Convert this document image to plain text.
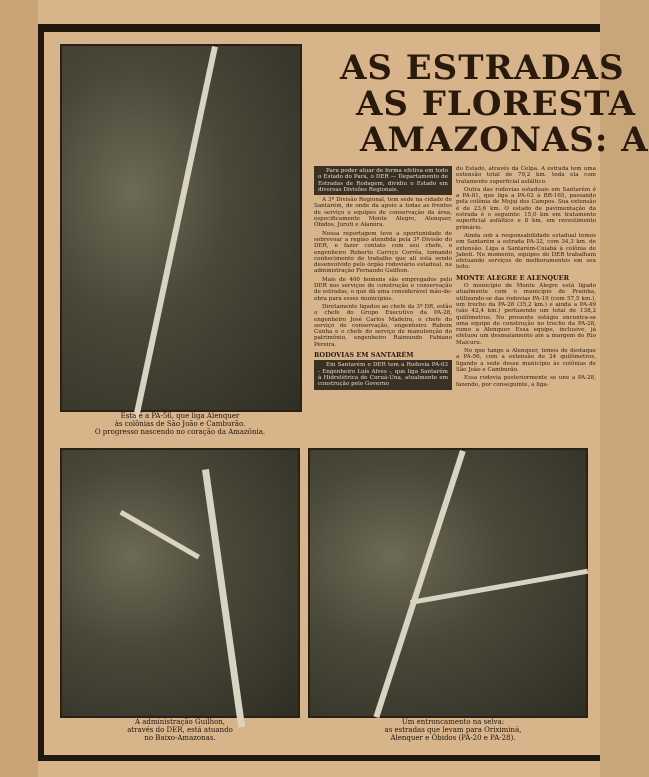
Esta é a PA-56, que liga Alenquer
às colônias de São João e Camburão.
O progresso nascendo no coração da Amazônia.
AS ESTRADAS
AS FLORESTA
AMAZONAS: A

Para poder atuar de forma efetiva em todo o Estado do Pará, o DER — Departamento de Estradas de Rodagem, dividiu o Estado em diversas Divisões Regionais.

A 3ª Divisão Regional, tem sede na cidade de Santarém, de onde da apoio a todas as frentes de serviço e equipes de conservação da área, especificamente Monte Alegre, Alenquer, Óbidos, Juruti e Alamira.

Nossa reportagem teve a oportunidade de sobrevoar a região atendida pela 3ª Divisão do DER, e fazer contato com seu chefe, o engenheiro Roberto Carriço Corrêa, tomando conhecimento do trabalho que ali está sendo desenvolvido pelo órgão rodoviário estadual, na administração Fernando Guilhon.

Mais de 400 homens são empregados pelo DER nos serviços de construção e conservação de estradas, o que dá uma considerável mão-de-obra para esses municípios.

Diretamente ligados ao chefe da 3ª DR, estão o chefe do Grupo Executivo da PA-28, engenheiro José Carlos Madeira, o chefe do serviço de conservação, engenheiro Rubem Cunha e o chefe do serviço de manutenção do patrimônio, engenheiro Raimundo Fabiano Pereira.

RODOVIAS EM SANTARÉM

Em Santarém o DER tem a Rodovia PA-03 - Engenheiro Luís Alves -, que liga Santarém à Hidrelétrica de Curuá-Una, atualmente em construção pelo Governo

do Estado, através da Celpa. A estrada tem uma extensão total de 79,2 km. toda ela com tratamento superficial asfáltico.

Outra das rodovias estaduais em Santarém é a PA-81, que liga a PA-02 à BR-165, passando pela colônia de Mojuí dos Campos. Sua extensão é de 23,6 km. O estado de pavimentação da estrada é o seguinte: 15,0 km em tratamento superficial asfáltico e 8 km. em revestimento primário.

Ainda sob a responsabilidade estadual temos em Santarém a estrada PA-32, com 34,3 km. de extensão. Liga a Santarém-Cuiabá à colônia de Jaboti. No momento, equipes do DER trabalham efetuando serviços de melhoramentos em seu leito.

MONTE ALEGRE E ALENQUER

O município de Monte Alegre está ligado atualmente com o município de Prainha, utilizando-se das rodovias PA-19 (com 57,5 km.), um trecho da PA-28 (35,2 km.) e ainda a PA-49 (são 42,4 km.) perfazendo um total de 138,2 quilômetros. No presente estágio encontra-se uma equipe de construção no trecho da PA-28, rumo a Alenquer. Essa equipe, inclusive, já efetuou um desmatamento até a margem do Rio Maicuru.

No que tange a Alenquer, temos de destaque a PA-56, com a extensão de 24 quilômetros, ligando a sede desse município às colônias de São João e Camburão.

Essa rodovia posteriormente se une a PA-28, fazendo, por conseguinte, a liga-

A administração Guilhon,
através do DER, está atuando
no Baixo-Amazonas.
Um entroncamento na selva:
as estradas que levam para Oriximiná,
Alenquer e Óbidos (PA-20 e PA-28).
